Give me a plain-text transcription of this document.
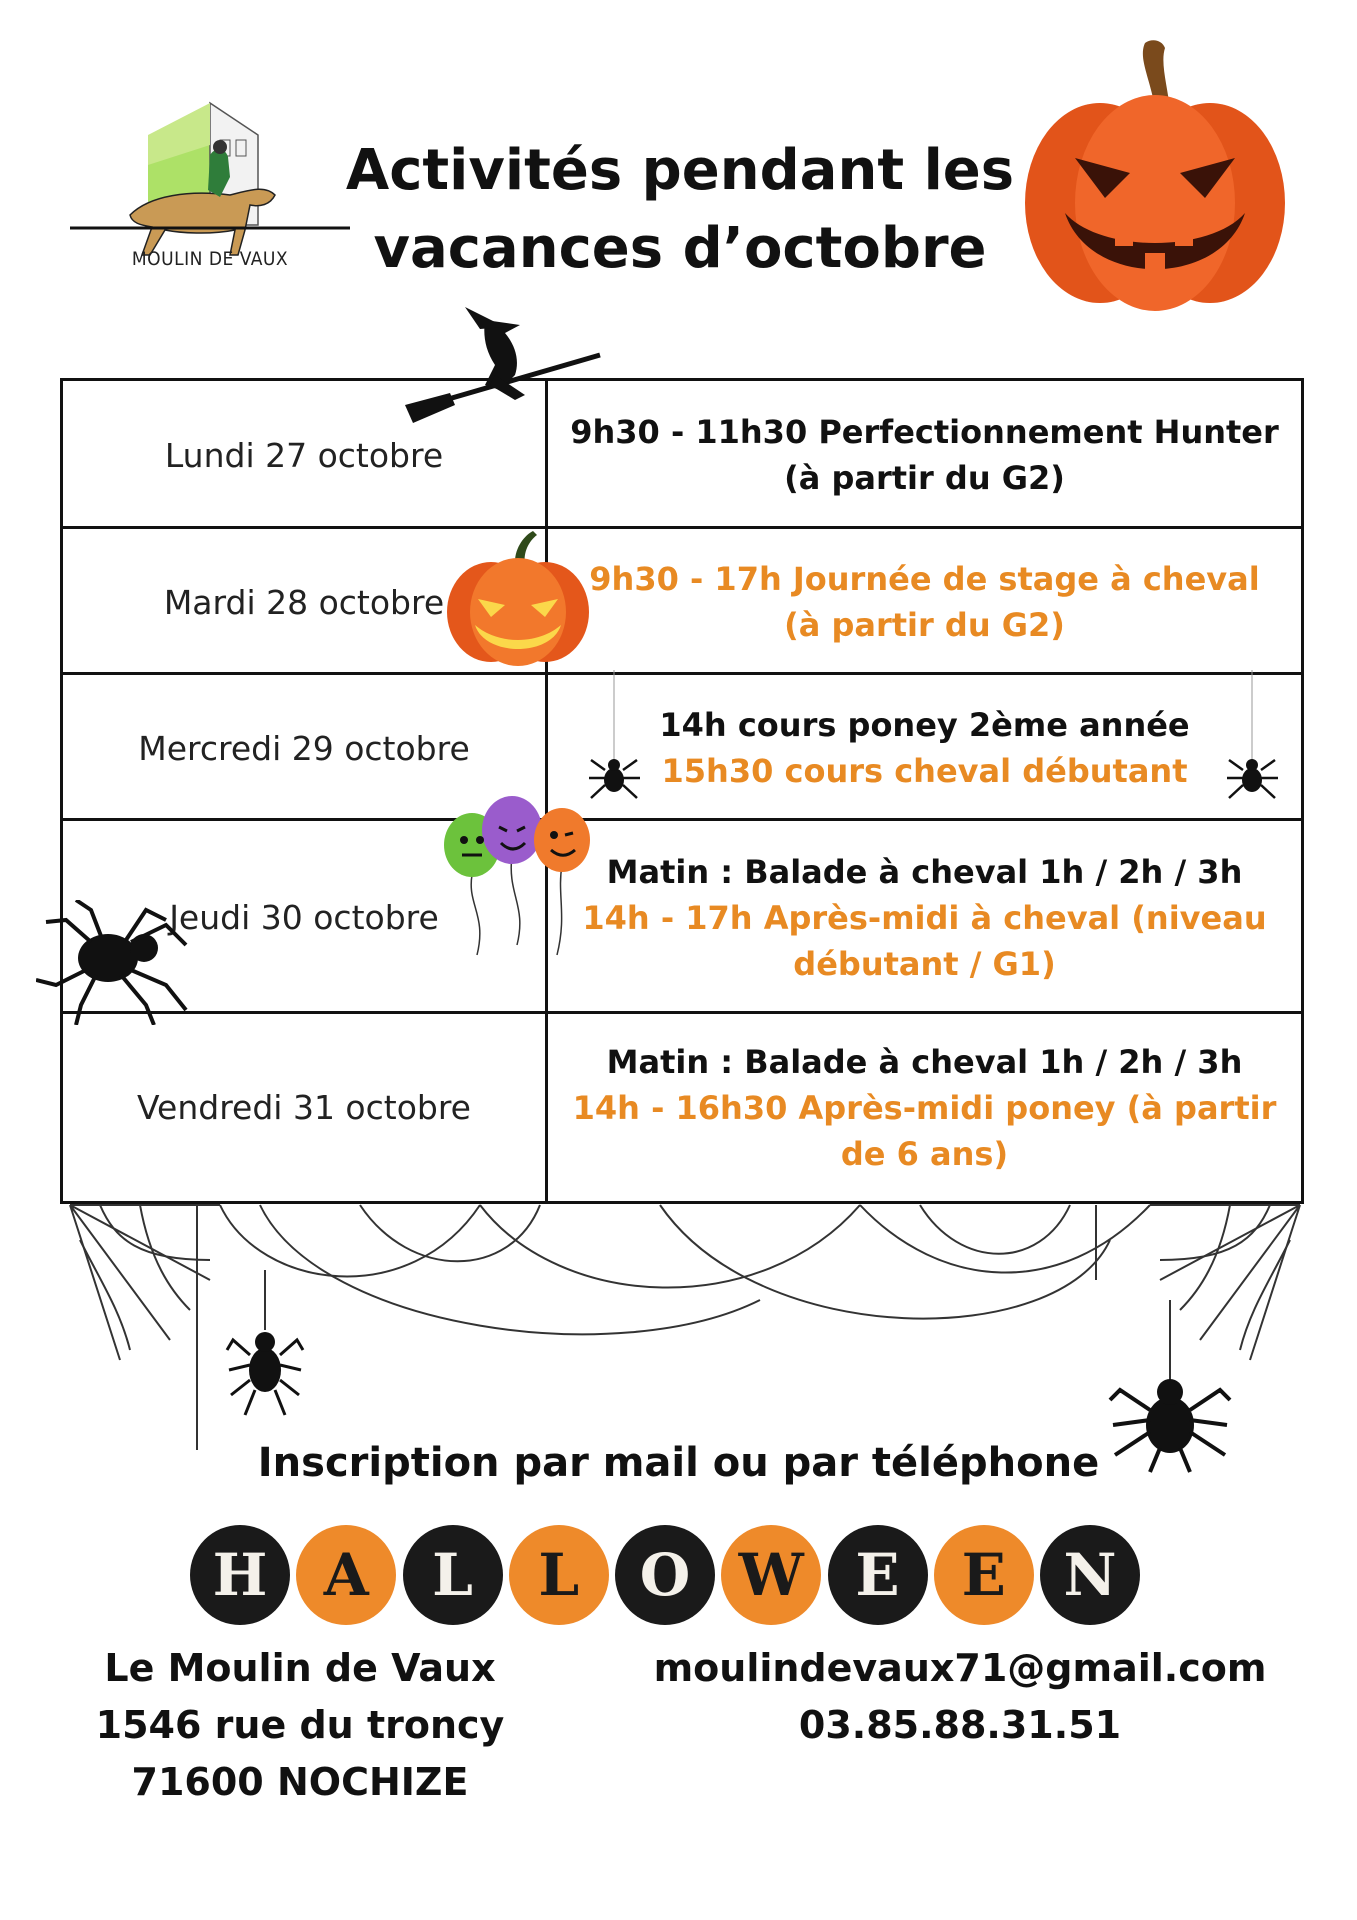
MOULIN DE VAUX
Activités pendant les
vacances d’octobre
Lundi 27 octobre
9h30 - 11h30 Perfectionnement Hunter (à partir du G2)
Mardi 28 octobre
9h30 - 17h Journée de stage à cheval (à partir du G2)
Mercredi 29 octobre
14h cours poney 2ème année
15h30 cours cheval débutant
Jeudi 30 octobre
Matin : Balade à cheval 1h / 2h / 3h
14h - 17h Après-midi à cheval (niveau débutant / G1)
Vendredi 31 octobre
Matin : Balade à cheval 1h / 2h / 3h
14h - 16h30 Après-midi poney (à partir de 6 ans)
Inscription par mail ou par téléphone
H A	L	L	O W E	E N
Le Moulin de Vaux
1546 rue du troncy
71600 NOCHIZE
moulindevaux71@gmail.com
03.85.88.31.51
